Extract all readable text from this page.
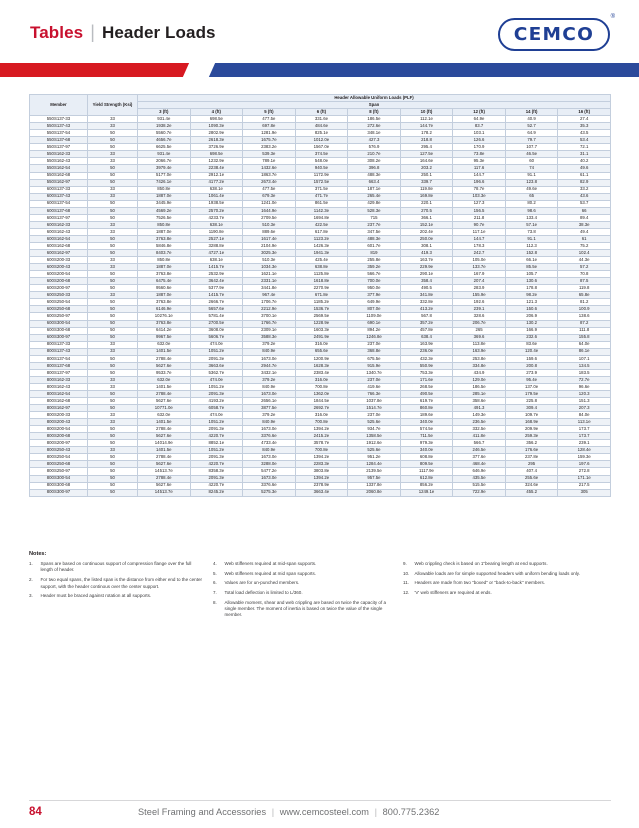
Tables | Header Loads	CEMCO
®
Member	Yield Strength (Ksi)	Header Allowable Uniform Loads (PLF)								
		Span								
		3 (ft)	4 (ft)	5 (ft)	6 (ft)	8 (ft)	10 (ft)	12 (ft)	14 (ft)	16 (ft)
550S137-33	33	931.4e	698.5e	477.5e	331.6e	186.5e	112.1e	64.9e	40.9	27.4
550S137-43	33	1938.2e	1090.3e	697.8e	484.6e	272.6e	144.7e	83.7	52.7	35.3
550S137-54	50	5560.7e	2802.9e	1281.9e	825.1e	348.1e	178.2	103.1	64.9	43.5
550S137-68	50	4656.7e	2618.3e	1675.7e	1012.0e	427.3	218.8	126.6	79.7	53.4
550S137-97	50	6625.5e	3726.9e	2383.2e	1567.0e	576.9	295.4	170.9	107.7	72.1
550S162-33	33	931.4e	698.5e	539.3e	374.5e	210.7e	127.5e	73.8e	46.5e	31.1
550S162-43	33	2066.7e	1232.9e	789.1e	548.0e	308.2e	164.6e	95.3e	60	40.2
550S162-54	50	3979.4e	2238.4e	1432.6e	940.5e	396.8	203.2	117.6	74	49.6
550S162-68	50	5177.0e	2912.1e	1863.7e	1172.9e	488.3e	250.1	144.7	91.1	61.1
550S162-97	50	7426.1e	4177.2e	2673.4e	1572.5e	663.4	339.7	196.6	123.8	82.9
600S137-33	33	850.8e	638.1e	477.5e	371.5e	187.1e	119.8e	78.7e	49.6e	33.2
600S137-43	33	1887.0e	1061.4e	679.3e	471.7e	265.4e	169.8e	103.3e	65	43.6
600S137-54	50	3445.9e	1938.5e	1241.0e	861.5e	429.8e	220.1	127.3	80.2	53.7
600S137-68	50	4569.2e	2570.2e	1644.9e	1142.3e	528.3e	270.5	156.5	98.6	66
600S137-97	50	7526.5e	4233.7e	2709.5e	1694.8e	715	366.1	211.8	133.4	89.4
600S162-33	33	850.8e	638.1e	510.3e	422.5e	237.7e	152.1e	90.7e	57.1e	38.3e
600S162-43	33	1887.0e	1190.8e	889.6e	617.8e	347.5e	202.4e	117.1e	73.8	49.4
600S162-54	50	3763.8e	2527.1e	1617.4e	1123.2e	488.3e	250.0e	144.7	91.1	61
600S162-68	50	5846.8e	3288.8e	2104.9e	1426.3e	601.7e	308.1	178.3	112.3	75.2
600S162-97	50	8403.7e	4727.1e	3025.3e	1941.3e	819	419.3	242.7	152.8	102.4
600S200-33	33	850.8e	638.1e	510.3e	425.4e	255.8e	163.7e	105.0e	66.1e	44.3e
600S200-43	33	1887.0e	1415.7e	1034.3e	638.8e	359.2e	229.9e	133.7e	85.5e	57.2
600S200-54	50	3763.8e	2532.9e	1621.1e	1125.8e	566.7e	290.1e	167.9	105.7	70.8
600S200-68	50	6475.4e	3642.4e	2331.1e	1618.8e	700.0e	358.4	207.4	130.6	87.5
600S200-97	50	9560.6e	5377.9e	3441.8e	2270.9e	950.0e	490.5	283.9	178.8	119.8
600S250-33	33	1887.0e	1415.7e	967.4e	671.8e	377.9e	341.8e	155.9e	98.2e	65.8e
600S250-54	50	3763.8e	2666.7e	1706.7e	1185.2e	649.9e	332.8e	192.6	121.3	81.2
600S250-68	50	6146.9e	5657.6e	2212.9e	1536.7e	807.0e	413.2e	239.1	150.6	100.9
600S250-97	50	10276.1e	5781.4e	3700.1e	2569.5e	1109.0e	567.8	328.6	206.9	138.6
600S300-54	50	3763.8e	2700.5e	1766.7e	1228.9e	690.1e	357.2e	206.7e	130.2	87.2
600S300-68	50	6414.2e	3608.0e	2309.1e	1603.3e	894.2e	457.8e	265	166.9	111.8
600S300-97	50	9967.5e	5606.7e	3588.3e	2491.9e	1246.8e	638.4	369.6	232.6	155.8
800S137-33	33	632.0e	474.0e	379.2e	316.0e	237.0e	163.9e	113.8e	83.6e	64.0e
800S137-43	33	1401.5e	1051.2e	840.9e	655.6e	368.8e	236.0e	163.9e	120.4e	86.1e
800S137-54	50	2788.4e	2091.3e	1673.0e	1200.9e	675.5e	432.3e	253.8e	159.6	107.1
800S137-68	50	5627.6e	3663.6e	2944.7e	1628.3e	915.9e	550.9e	334.8e	200.8	134.5
800S137-97	50	9533.7e	5362.7e	3432.1e	2383.4e	1340.7e	753.3e	434.9	273.9	183.5
800S162-33	33	632.0e	474.0e	379.2e	316.0e	237.0e	171.6e	129.0e	95.4e	72.7e
800S162-43	33	1401.5e	1051.2e	840.9e	700.8e	419.6e	268.5e	186.5e	137.0e	96.6e
800S162-54	50	2788.4e	2091.3e	1673.0e	1362.0e	766.3e	490.5e	285.1e	179.5e	120.3
800S162-68	50	5627.6e	4193.2e	2656.1e	1844.5e	1037.8e	619.7e	358.6e	225.8	151.3
800S162-97	50	10771.0e	6058.7e	3877.5e	2692.7e	1514.7e	860.8e	491.3	309.4	207.3
800S200-33	33	632.0e	474.0e	379.2e	316.0e	237.0e	189.6e	149.3e	109.7e	84.0e
800S200-43	33	1401.5e	1051.2e	840.9e	700.8e	525.6e	340.0e	236.5e	168.9e	113.1e
800S200-54	50	2788.4e	2091.3e	1673.0e	1394.2e	934.7e	574.5e	332.5e	209.9e	173.7
800S200-68	50	5627.6e	4220.7e	3376.6e	2415.2e	1358.5e	711.5e	411.8e	259.3e	173.7
800S200-97	50	14014.9e	8852.1e	4733.4e	3578.7e	1912.6e	979.3e	566.7	356.2	239.1
800S250-43	33	1401.5e	1051.2e	840.9e	700.8e	525.6e	340.0e	246.5e	176.6e	128.4e
800S250-54	50	2788.4e	2091.3e	1673.0e	1394.2e	951.2e	608.8e	377.6e	237.8e	159.3e
800S250-68	50	5627.6e	4220.7e	3288.0e	2283.3e	1284.4e	809.5e	468.4e	295	197.6
800S250-97	50	14513.7e	8358.3e	5477.2e	3803.8e	2139.5e	1117.9e	646.9e	407.4	272.8
800S300-54	50	2788.4e	2091.3e	1673.0e	1394.2e	957.5e	612.8e	435.5e	255.6e	171.1e
800S300-68	50	5627.6e	4220.7e	3376.6e	2378.9e	1337.8e	856.2e	515.5e	324.6e	217.5
800S300-97	50	14513.7e	8245.2e	5275.3e	3663.4e	2060.8e	1249.1e	722.9e	455.2	305
Notes:
1.	Spans are based on continuous support of compression flange over the full length of header.
2.	For two equal spans, the listed span is the distance from either end to the center support, with the header continous over the center support.
3.	Header must be braced against rotation at all supports.
4.	Web stiffeners required at mid-span supports.
5.	Web stiffeners required at mid span supports.
6.	Values are for un-punched members.
7.	Total load deflection is limited to L/360.
8.	Allowable moment, shear and web crippling are based on twice the capacity of a single member. The moment of inertia is based on twice the value of the single member.
9.	Web crippling check is based on 1"bearing length at end supports.
10.	Allowable loads are for simple supported headers with uniform bending loads only.
11.	Headers are made from two "boxed" or "back-to-back" members.
12.	'V' web stiffeners are required at ends.
84	Steel Framing and Accessories | www.cemcosteel.com | 800.775.2362
